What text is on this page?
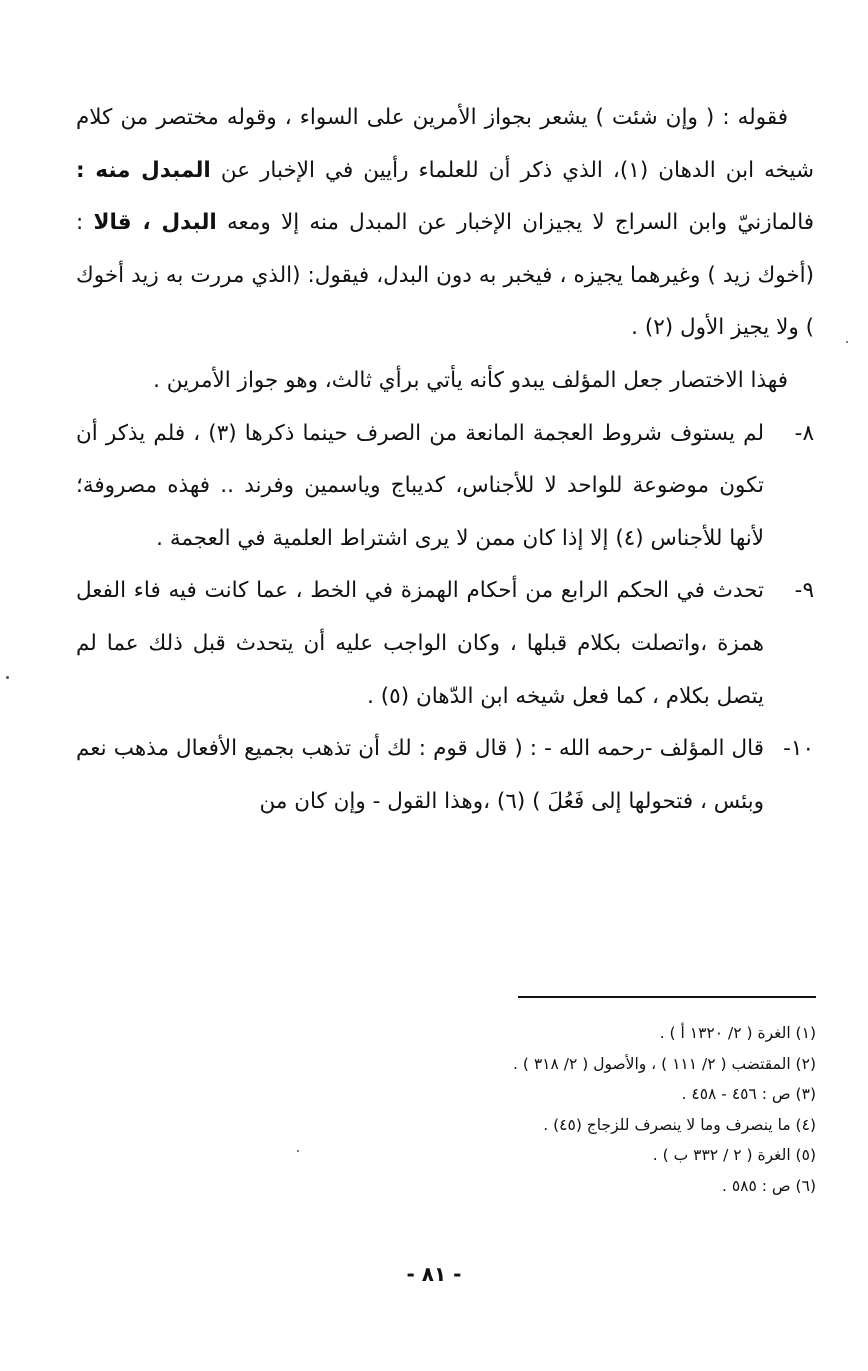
فقوله : ( وإن شئت ) يشعر بجواز الأمرين على السواء ، وقوله مختصر من كلام شيخه ابن الدهان (١)، الذي ذكر أن للعلماء رأيين في الإخبار عن المبدل منه : فالمازنيّ وابن السراج لا يجيزان الإخبار عن المبدل منه إلا ومعه البدل ، قالا :(أخوك زيد ) وغيرهما يجيزه ، فيخبر به دون البدل، فيقول: (الذي مررت به زيد أخوك ) ولا يجيز الأول (٢) .

فهذا الاختصار جعل المؤلف يبدو كأنه يأتي برأي ثالث، وهو جواز الأمرين .

٨-
لم يستوف شروط العجمة المانعة من الصرف حينما ذكرها (٣) ، فلم يذكر أن تكون موضوعة للواحد لا للأجناس، كديباج وياسمين وفرند .. فهذه مصروفة؛ لأنها للأجناس (٤) إلا إذا كان ممن لا يرى اشتراط العلمية في العجمة .
٩-
تحدث في الحكم الرابع من أحكام الهمزة في الخط ، عما كانت فيه فاء الفعل همزة ،واتصلت بكلام قبلها ، وكان الواجب عليه أن يتحدث قبل ذلك عما لم يتصل بكلام ، كما فعل شيخه ابن الدّهان (٥) .
١٠-
قال المؤلف -رحمه الله - : ( قال قوم : لك أن تذهب بجميع الأفعال مذهب نعم وبئس ، فتحولها إلى فَعُلَ ) (٦) ،وهذا القول - وإن كان من
(١) الغرة ( ٢/ ١٣٢٠ أ ) .
(٢) المقتضب ( ٢/ ١١١ ) ، والأصول ( ٢/ ٣١٨ ) .
(٣) ص : ٤٥٦ - ٤٥٨ .
(٤) ما ينصرف وما لا ينصرف للزجاج (٤٥) .
(٥) الغرة ( ٢ / ٣٣٢ ب ) .
(٦) ص : ٥٨٥ .
- ٨١ -
